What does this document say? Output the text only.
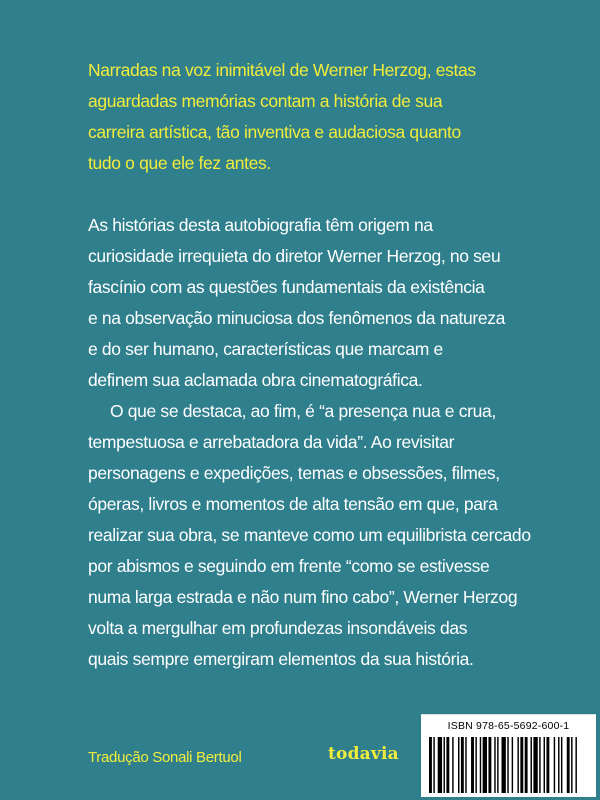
Narradas na voz inimitável de Werner Herzog, estas
aguardadas memórias contam a história de sua
carreira artística, tão inventiva e audaciosa quanto
tudo o que ele fez antes.
As histórias desta autobiografia têm origem na
curiosidade irrequieta do diretor Werner Herzog, no seu
fascínio com as questões fundamentais da existência
e na observação minuciosa dos fenômenos da natureza
e do ser humano, características que marcam e
definem sua aclamada obra cinematográfica.
O que se destaca, ao fim, é “a presença nua e crua,
tempestuosa e arrebatadora da vida”. Ao revisitar
personagens e expedições, temas e obsessões, filmes,
óperas, livros e momentos de alta tensão em que, para
realizar sua obra, se manteve como um equilibrista cercado
por abismos e seguindo em frente “como se estivesse
numa larga estrada e não num fino cabo”, Werner Herzog
volta a mergulhar em profundezas insondáveis das
quais sempre emergiram elementos da sua história.
Tradução Sonali Bertuol	todavia
ISBN 978-65-5692-600-1
